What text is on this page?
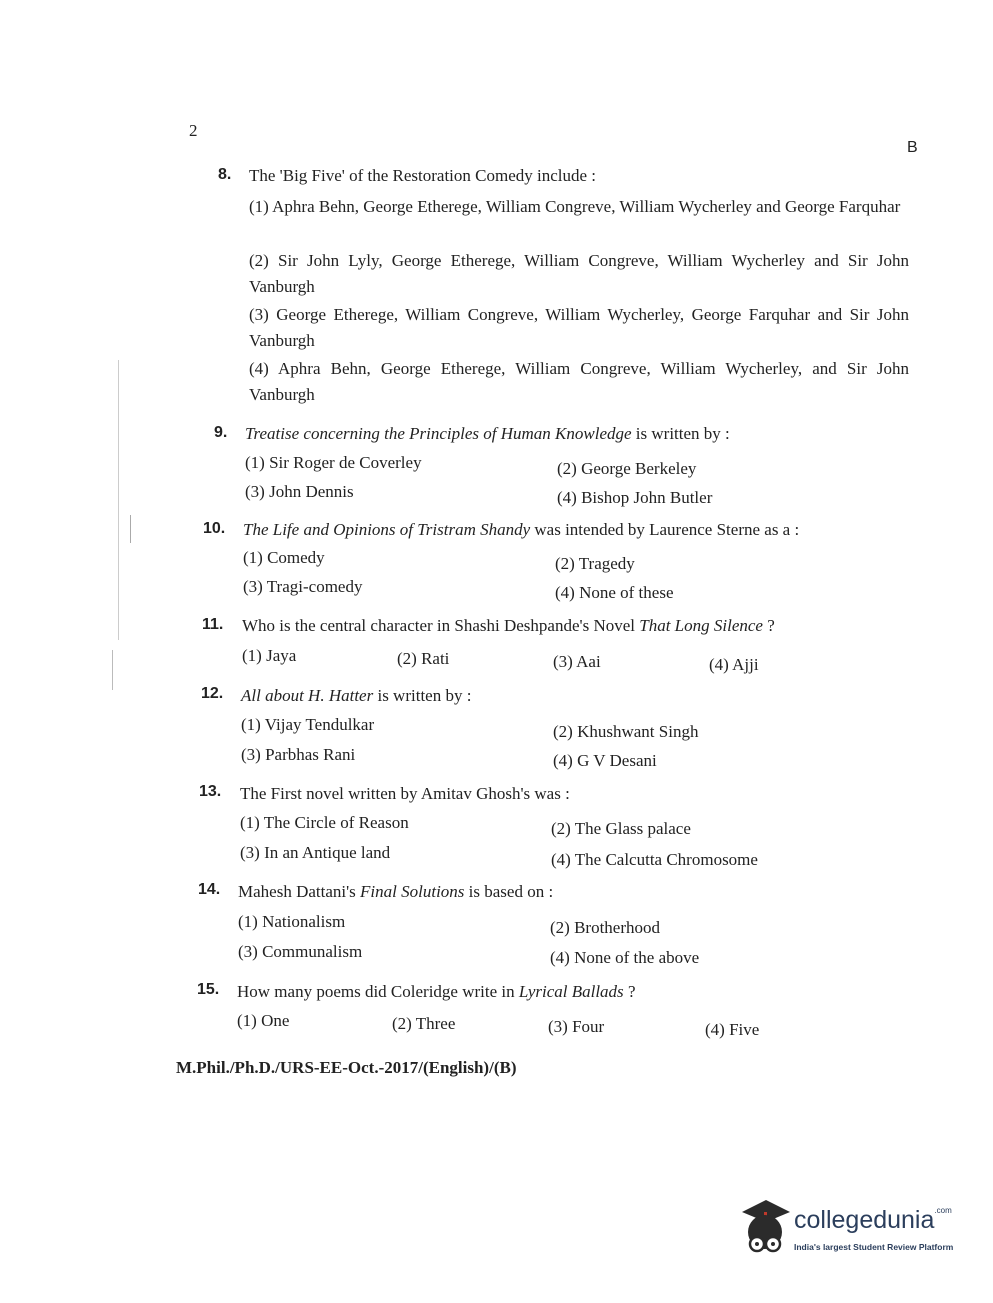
2
B
8. The 'Big Five' of the Restoration Comedy include :
(1) Aphra Behn, George Etherege, William Congreve, William Wycherley and George Farquhar
(2) Sir John Lyly, George Etherege, William Congreve, William Wycherley and Sir John Vanburgh
(3) George Etherege, William Congreve, William Wycherley, George Farquhar and Sir John Vanburgh
(4) Aphra Behn, George Etherege, William Congreve, William Wycherley, and Sir John Vanburgh
9. Treatise concerning the Principles of Human Knowledge is written by :
(1) Sir Roger de Coverley	(2) George Berkeley
(3) John Dennis	(4) Bishop John Butler
10. The Life and Opinions of Tristram Shandy was intended by Laurence Sterne as a :
(1) Comedy	(2) Tragedy
(3) Tragi-comedy	(4) None of these
11. Who is the central character in Shashi Deshpande's Novel That Long Silence ?
(1) Jaya	(2) Rati	(3) Aai	(4) Ajji
12. All about H. Hatter is written by :
(1) Vijay Tendulkar	(2) Khushwant Singh
(3) Parbhas Rani	(4) G V Desani
13. The First novel written by Amitav Ghosh's was :
(1) The Circle of Reason	(2) The Glass palace
(3) In an Antique land	(4) The Calcutta Chromosome
14. Mahesh Dattani's Final Solutions is based on :
(1) Nationalism	(2) Brotherhood
(3) Communalism	(4) None of the above
15. How many poems did Coleridge write in Lyrical Ballads ?
(1) One	(2) Three	(3) Four	(4) Five
M.Phil./Ph.D./URS-EE-Oct.-2017/(English)/(B)
collegedunia$^{.com}$
India's largest Student Review Platform
